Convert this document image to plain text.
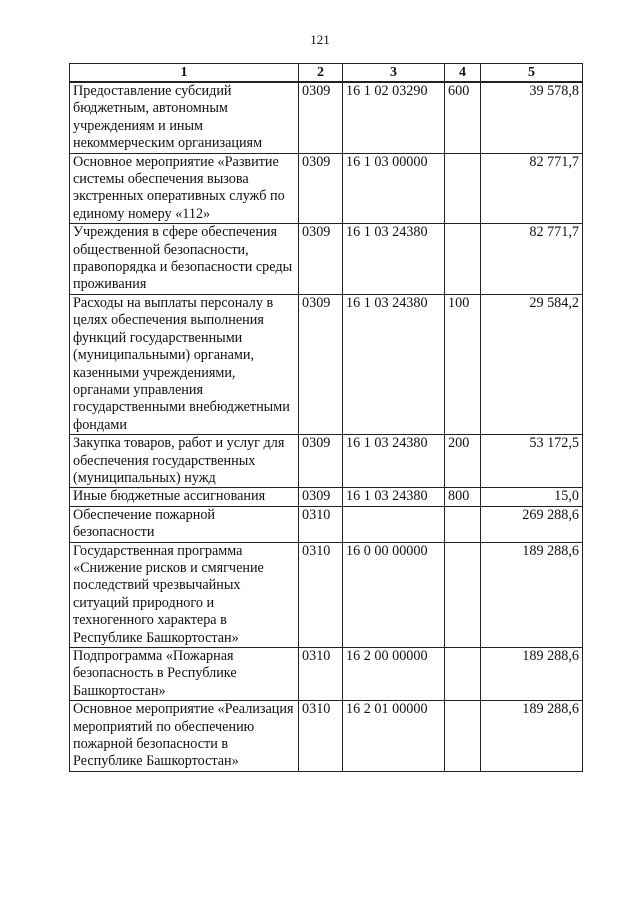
121
1	2	3	4	5
Предоставление субсидий бюджетным, автономным учреждениям и иным некоммерческим организациям	0309	16 1 02 03290	600	39 578,8
Основное мероприятие «Развитие системы обеспечения вызова экстренных оперативных служб по единому номеру «112»	0309	16 1 03 00000		82 771,7
Учреждения в сфере обеспечения общественной безопасности, правопорядка и безопасности среды проживания	0309	16 1 03 24380		82 771,7
Расходы на выплаты персоналу в целях обеспечения выполнения функций государственными (муниципальными) органами, казенными учреждениями, органами управления государственными внебюджетными фондами	0309	16 1 03 24380	100	29 584,2
Закупка товаров, работ и услуг для обеспечения государственных (муниципальных) нужд	0309	16 1 03 24380	200	53 172,5
Иные бюджетные ассигнования	0309	16 1 03 24380	800	15,0
Обеспечение пожарной безопасности	0310			269 288,6
Государственная программа «Снижение рисков и смягчение последствий чрезвычайных ситуаций природного и техногенного характера в Республике Башкортостан»	0310	16 0 00 00000		189 288,6
Подпрограмма «Пожарная безопасность в Республике Башкортостан»	0310	16 2 00 00000		189 288,6
Основное мероприятие «Реализация мероприятий по обеспечению пожарной безопасности в Республике Башкортостан»	0310	16 2 01 00000		189 288,6
